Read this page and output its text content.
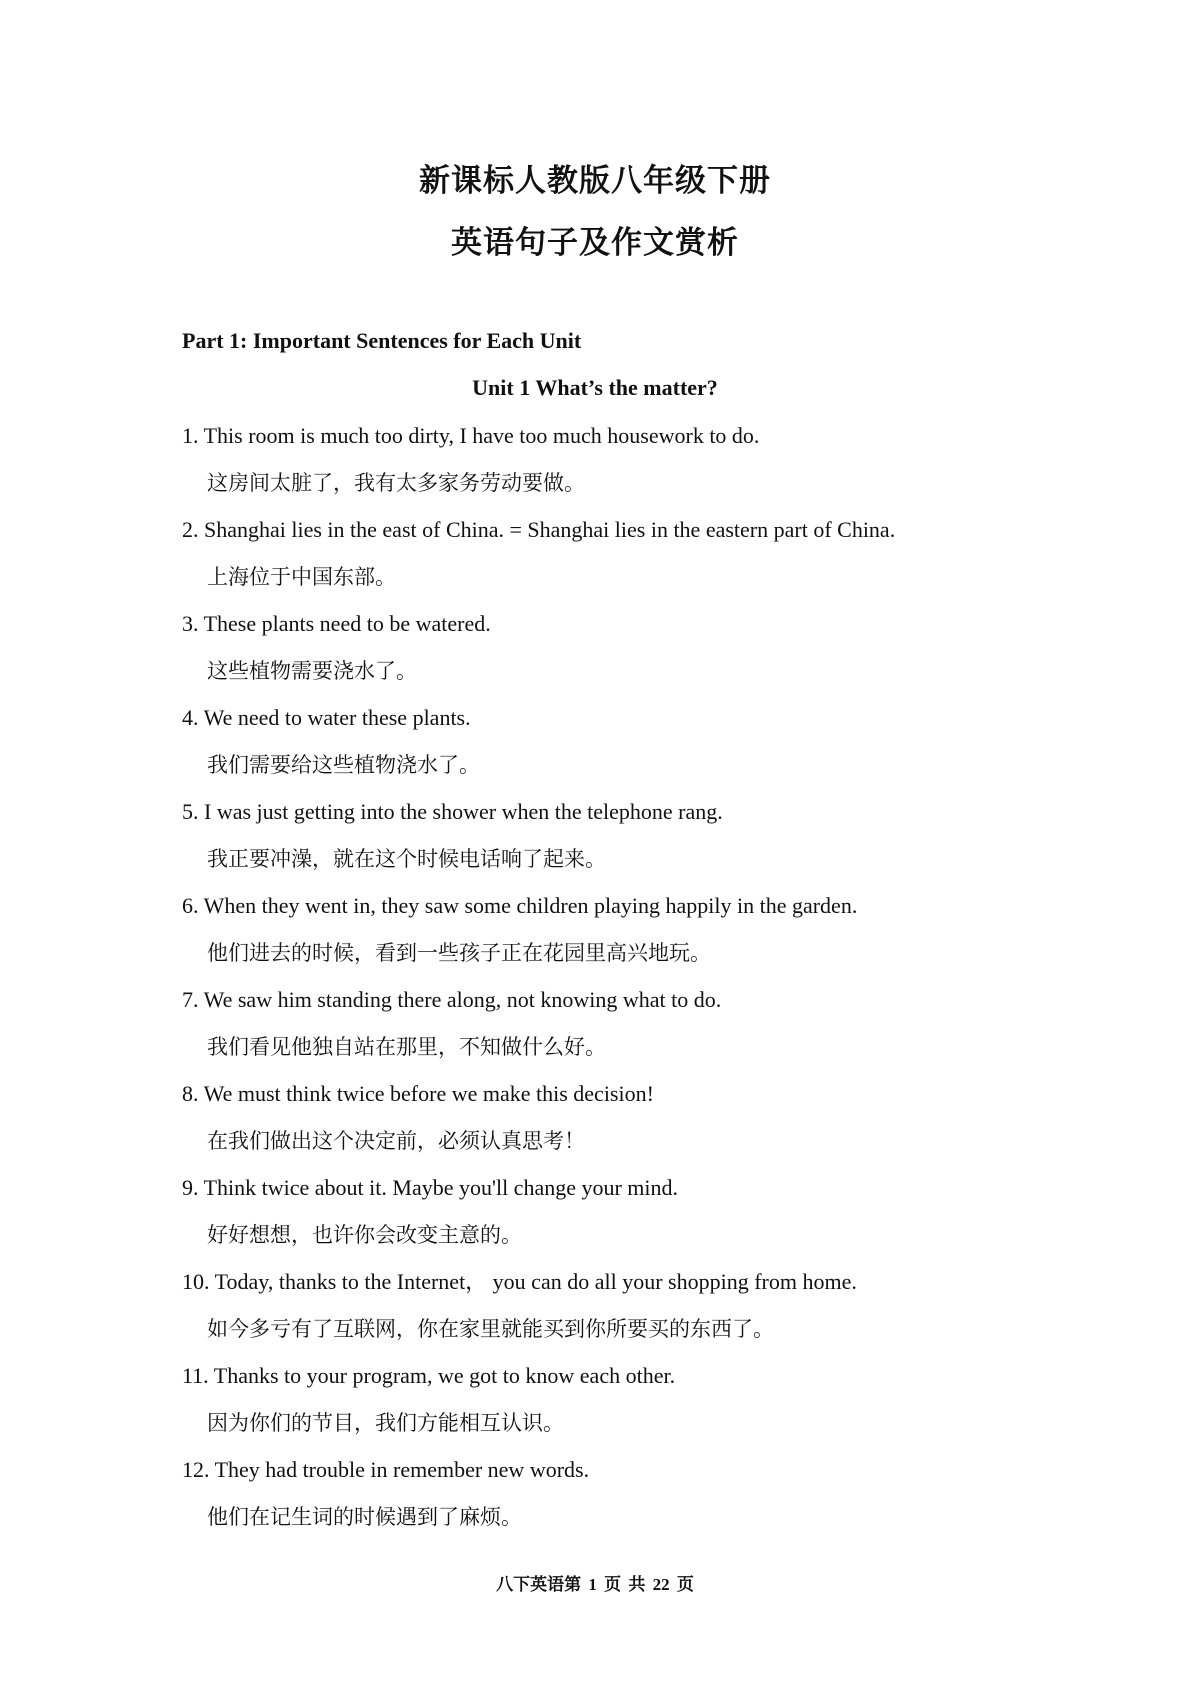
新课标人教版八年级下册
英语句子及作文赏析
Part 1: Important Sentences for Each Unit
Unit 1 What’s the matter?
1. This room is much too dirty, I have too much housework to do.
这房间太脏了，我有太多家务劳动要做。
2. Shanghai lies in the east of China. = Shanghai lies in the eastern part of China.
上海位于中国东部。
3. These plants need to be watered.
这些植物需要浇水了。
4. We need to water these plants.
我们需要给这些植物浇水了。
5. I was just getting into the shower when the telephone rang.
我正要冲澡，就在这个时候电话响了起来。
6. When they went in, they saw some children playing happily in the garden.
他们进去的时候，看到一些孩子正在花园里高兴地玩。
7. We saw him standing there along, not knowing what to do.
我们看见他独自站在那里，不知做什么好。
8. We must think twice before we make this decision!
在我们做出这个决定前，必须认真思考！
9. Think twice about it. Maybe you'll change your mind.
好好想想，也许你会改变主意的。
10. Today, thanks to the Internet， you can do all your shopping from home.
如今多亏有了互联网，你在家里就能买到你所要买的东西了。
11. Thanks to your program, we got to know each other.
因为你们的节目，我们方能相互认识。
12. They had trouble in remember new words.
他们在记生词的时候遇到了麻烦。
八下英语第 1 页 共 22 页
